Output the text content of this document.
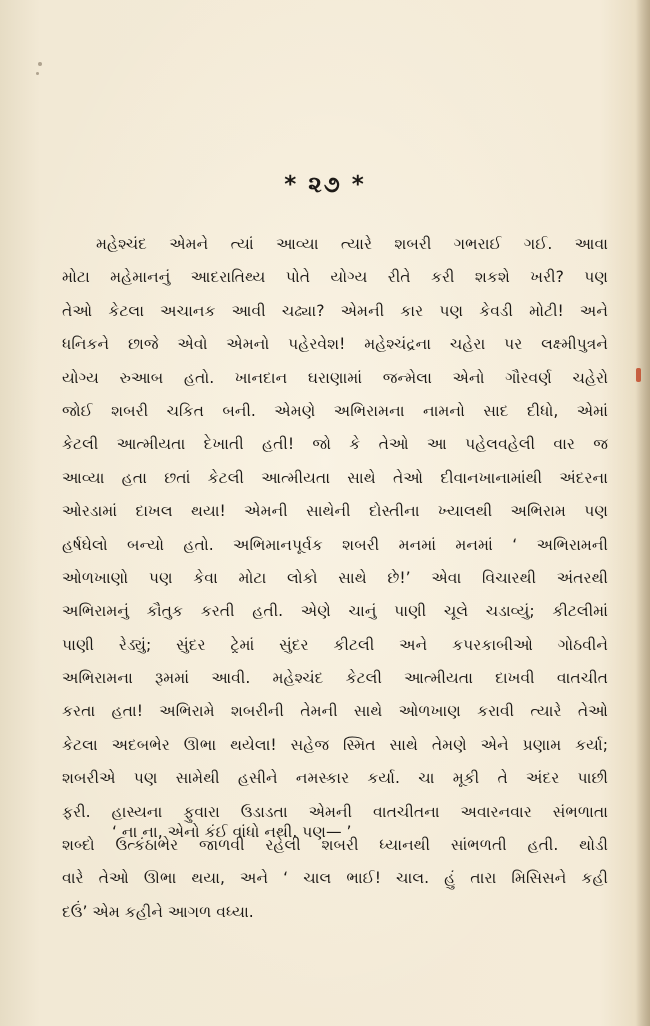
* ૨૭ *
મહેશ્ચંદ એમને ત્યાં આવ્યા ત્યારે શબરી ગભરાઈ ગઈ. આવા
મોટા મહેમાનનું આદરાતિથ્ય પોતે યોગ્ય રીતે કરી શકશે ખરી? પણ
તેઓ કેટલા અચાનક આવી ચઢ્યા? એમની કાર પણ કેવડી મોટી! અને
ધનિકને છાજે એવો એમનો પહેરવેશ! મહેશ્ચંદ્રના ચહેરા પર લક્ષ્મીપુત્રને
યોગ્ય રુઆબ હતો. ખાનદાન ઘરાણામાં જન્મેલા એનો ગૌરવર્ણ ચહેરો
જોઈ શબરી ચકિત બની. એમણે અભિરામના નામનો સાદ દીધો, એમાં
કેટલી આત્મીયતા દેખાતી હતી! જો કે તેઓ આ પહેલવહેલી વાર જ
આવ્યા હતા છતાં કેટલી આત્મીયતા સાથે તેઓ દીવાનખાનામાંથી અંદરના
ઓરડામાં દાખલ થયા! એમની સાથેની દોસ્તીના ખ્યાલથી અભિરામ પણ
હર્ષઘેલો બન્યો હતો. અભિમાનપૂર્વક શબરી મનમાં મનમાં ‘ અભિરામની
ઓળખાણો પણ કેવા મોટા લોકો સાથે છે!’ એવા વિચારથી અંતરથી
અભિરામનું કૌતુક કરતી હતી. એણે ચાનું પાણી ચૂલે ચડાવ્યું; કીટલીમાં
પાણી રેડ્યું; સુંદર ટ્રેમાં સુંદર કીટલી અને કપરકાબીઓ ગોઠવીને
અભિરામના રૂમમાં આવી. મહેશ્ચંદ કેટલી આત્મીયતા દાખવી વાતચીત
કરતા હતા! અભિરામે શબરીની તેમની સાથે ઓળખાણ કરાવી ત્યારે તેઓ
કેટલા અદબભેર ઊભા થયેલા! સહેજ સ્મિત સાથે તેમણે એને પ્રણામ કર્યા;
શબરીએ પણ સામેથી હસીને નમસ્કાર કર્યા. ચા મૂકી તે અંદર પાછી
ફરી. હાસ્યના ફુવારા ઉડાડતા એમની વાતચીતના અવારનવાર સંભળાતા
શબ્દો ઉત્કંઠાભેર જાળવી રહેલી શબરી ધ્યાનથી સાંભળતી હતી. થોડી
વારે તેઓ ઊભા થયા, અને ‘ ચાલ ભાઈ! ચાલ. હું તારા મિસિસને કહી
દઉં’ એમ કહીને આગળ વધ્યા.
‘ ના ના, એનો કંઈ વાંધો નથી. પણ— ’
